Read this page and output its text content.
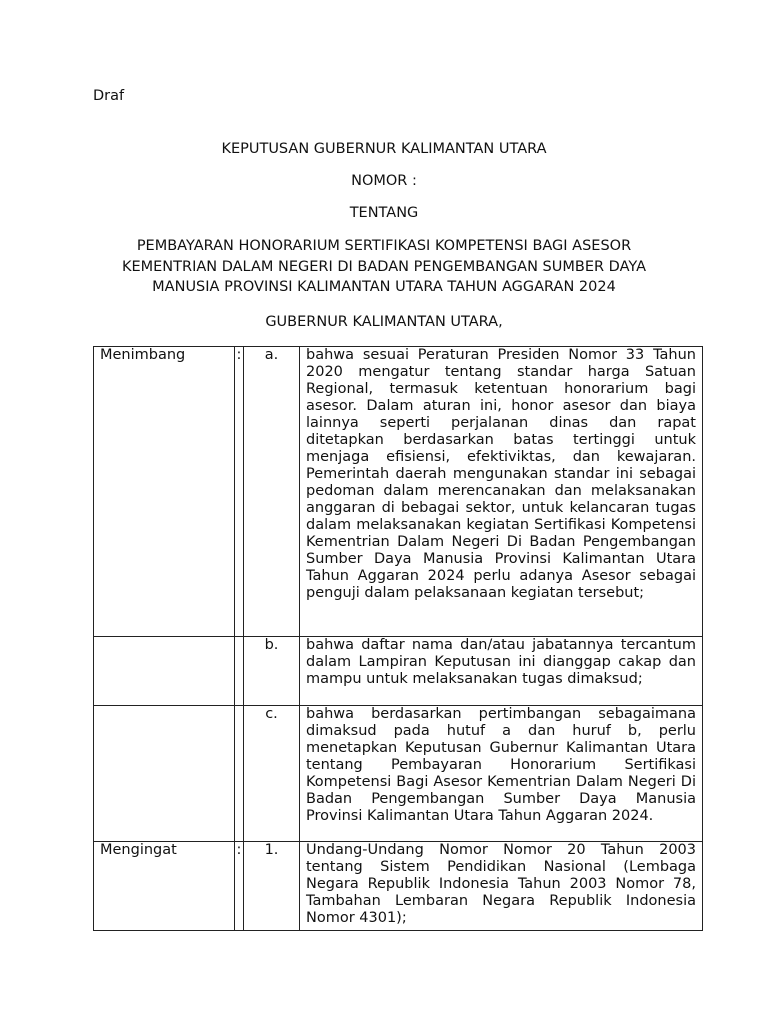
Draf
KEPUTUSAN GUBERNUR KALIMANTAN UTARA
NOMOR :
TENTANG
PEMBAYARAN HONORARIUM SERTIFIKASI KOMPETENSI BAGI ASESOR
KEMENTRIAN DALAM NEGERI DI BADAN PENGEMBANGAN SUMBER DAYA
MANUSIA PROVINSI KALIMANTAN UTARA TAHUN AGGARAN 2024
GUBERNUR KALIMANTAN UTARA,
Menimbang	:	a.	bahwa sesuai Peraturan Presiden Nomor 33 Tahun 2020 mengatur tentang standar harga Satuan Regional, termasuk ketentuan honorarium bagi asesor. Dalam aturan ini, honor asesor dan biaya lainnya seperti perjalanan dinas dan rapat ditetapkan berdasarkan batas tertinggi untuk menjaga efisiensi, efektiviktas, dan kewajaran. Pemerintah daerah mengunakan standar ini sebagai pedoman dalam merencanakan dan melaksanakan anggaran di bebagai sektor, untuk kelancaran tugas dalam melaksanakan kegiatan Sertifikasi Kompetensi Kementrian Dalam Negeri Di Badan Pengembangan Sumber Daya Manusia Provinsi Kalimantan Utara Tahun Aggaran 2024 perlu adanya Asesor sebagai penguji dalam pelaksanaan kegiatan tersebut;
		b.	bahwa daftar nama dan/atau jabatannya tercantum dalam Lampiran Keputusan ini dianggap cakap dan mampu untuk melaksanakan tugas dimaksud;
		c.	bahwa berdasarkan pertimbangan sebagaimana dimaksud pada hutuf a dan huruf b, perlu menetapkan Keputusan Gubernur Kalimantan Utara tentang Pembayaran Honorarium Sertifikasi Kompetensi Bagi Asesor Kementrian Dalam Negeri Di Badan Pengembangan Sumber Daya Manusia Provinsi Kalimantan Utara Tahun Aggaran 2024.
Mengingat	:	1.	Undang-Undang Nomor Nomor 20 Tahun 2003 tentang Sistem Pendidikan Nasional (Lembaga Negara Republik Indonesia Tahun 2003 Nomor 78, Tambahan Lembaran Negara Republik Indonesia Nomor 4301);
